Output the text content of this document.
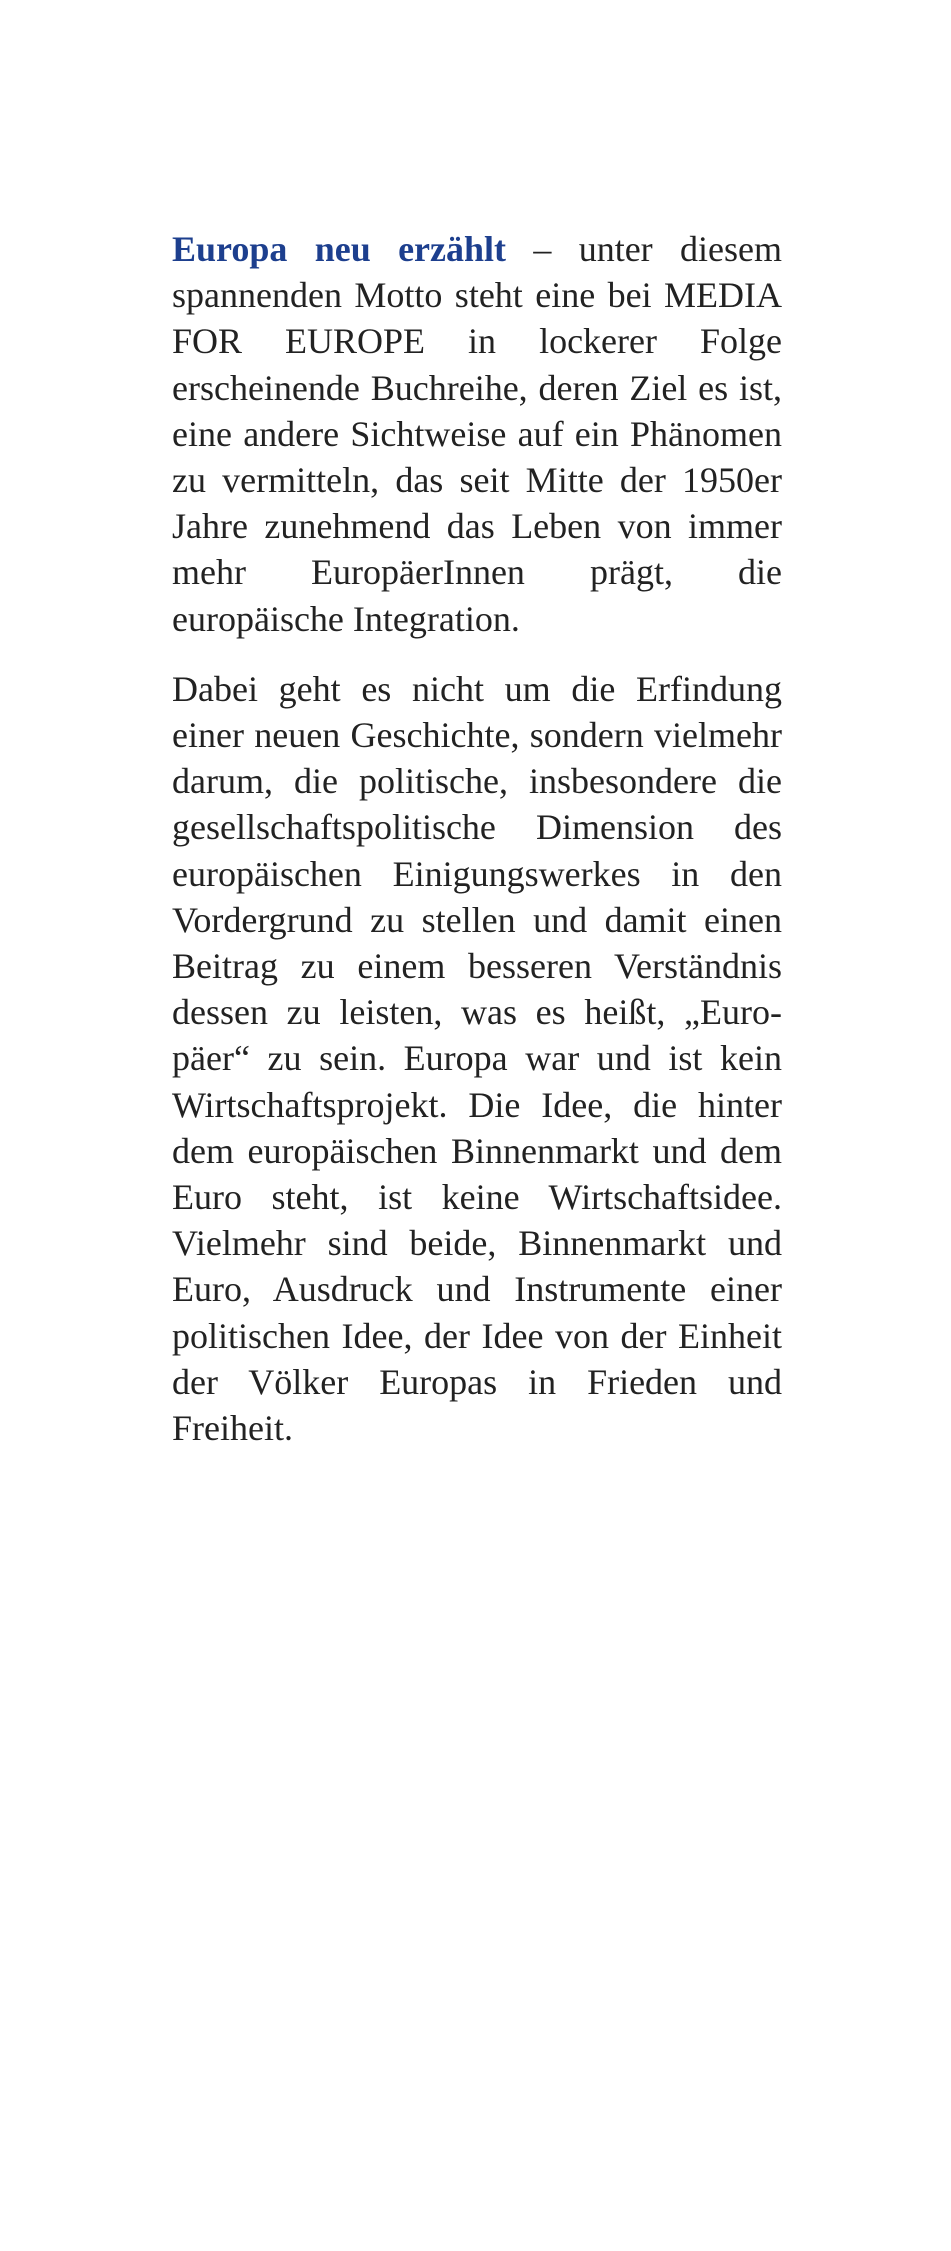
Europa neu erzählt – unter diesem spannenden Motto steht eine bei MEDIA FOR EUROPE in lockerer Folge erscheinende Buchreihe, deren Ziel es ist, eine andere Sichtweise auf ein Phänomen zu vermitteln, das seit Mitte der 1950er Jahre zunehmend das Leben von immer mehr EuropäerInnen prägt, die europäische Integration.

Dabei geht es nicht um die Erfindung einer neuen Geschichte, sondern vielmehr darum, die politische, insbesondere die gesellschaftspolitische Dimension des europäischen Einigungswerkes in den Vordergrund zu stellen und damit einen Beitrag zu einem besseren Verständnis dessen zu leisten, was es heißt, „Europäer“ zu sein. Europa war und ist kein Wirtschaftsprojekt. Die Idee, die hinter dem europäischen Binnenmarkt und dem Euro steht, ist keine Wirtschaftsidee. Vielmehr sind beide, Binnenmarkt und Euro, Ausdruck und Instrumente einer politischen Idee, der Idee von der Einheit der Völker Europas in Frieden und Freiheit.
